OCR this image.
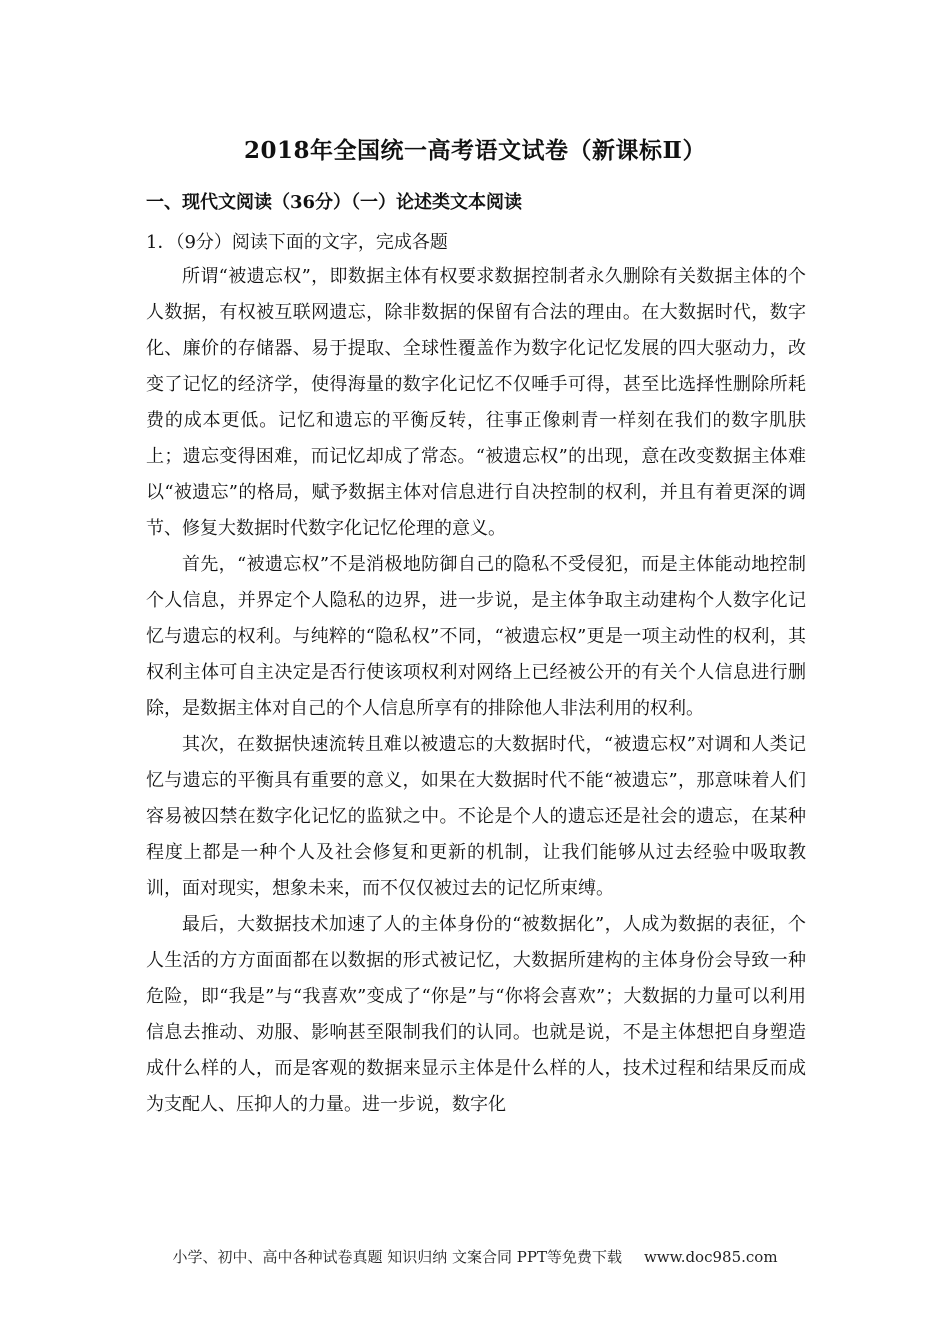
2018年全国统一高考语文试卷（新课标Ⅱ）
一、现代文阅读（36分）（一）论述类文本阅读
1．（9分）阅读下面的文字，完成各题

所谓“被遗忘权”，即数据主体有权要求数据控制者永久删除有关数据主体的个人数据，有权被互联网遗忘，除非数据的保留有合法的理由。在大数据时代，数字化、廉价的存储器、易于提取、全球性覆盖作为数字化记忆发展的四大驱动力，改变了记忆的经济学，使得海量的数字化记忆不仅唾手可得，甚至比选择性删除所耗费的成本更低。记忆和遗忘的平衡反转，往事正像刺青一样刻在我们的数字肌肤上；遗忘变得困难，而记忆却成了常态。“被遗忘权”的出现，意在改变数据主体难以“被遗忘”的格局，赋予数据主体对信息进行自决控制的权利，并且有着更深的调节、修复大数据时代数字化记忆伦理的意义。

首先，“被遗忘权”不是消极地防御自己的隐私不受侵犯，而是主体能动地控制个人信息，并界定个人隐私的边界，进一步说，是主体争取主动建构个人数字化记忆与遗忘的权利。与纯粹的“隐私权”不同，“被遗忘权”更是一项主动性的权利，其权利主体可自主决定是否行使该项权利对网络上已经被公开的有关个人信息进行删除，是数据主体对自己的个人信息所享有的排除他人非法利用的权利。

其次，在数据快速流转且难以被遗忘的大数据时代，“被遗忘权”对调和人类记忆与遗忘的平衡具有重要的意义，如果在大数据时代不能“被遗忘”，那意味着人们容易被囚禁在数字化记忆的监狱之中。不论是个人的遗忘还是社会的遗忘，在某种程度上都是一种个人及社会修复和更新的机制，让我们能够从过去经验中吸取教训，面对现实，想象未来，而不仅仅被过去的记忆所束缚。

最后，大数据技术加速了人的主体身份的“被数据化”，人成为数据的表征，个人生活的方方面面都在以数据的形式被记忆，大数据所建构的主体身份会导致一种危险，即“我是”与“我喜欢”变成了“你是”与“你将会喜欢”；大数据的力量可以利用信息去推动、劝服、影响甚至限制我们的认同。也就是说，不是主体想把自身塑造成什么样的人，而是客观的数据来显示主体是什么样的人，技术过程和结果反而成为支配人、压抑人的力量。进一步说，数字化

小学、初中、高中各种试卷真题 知识归纳 文案合同 PPT等免费下载 www.doc985.com
